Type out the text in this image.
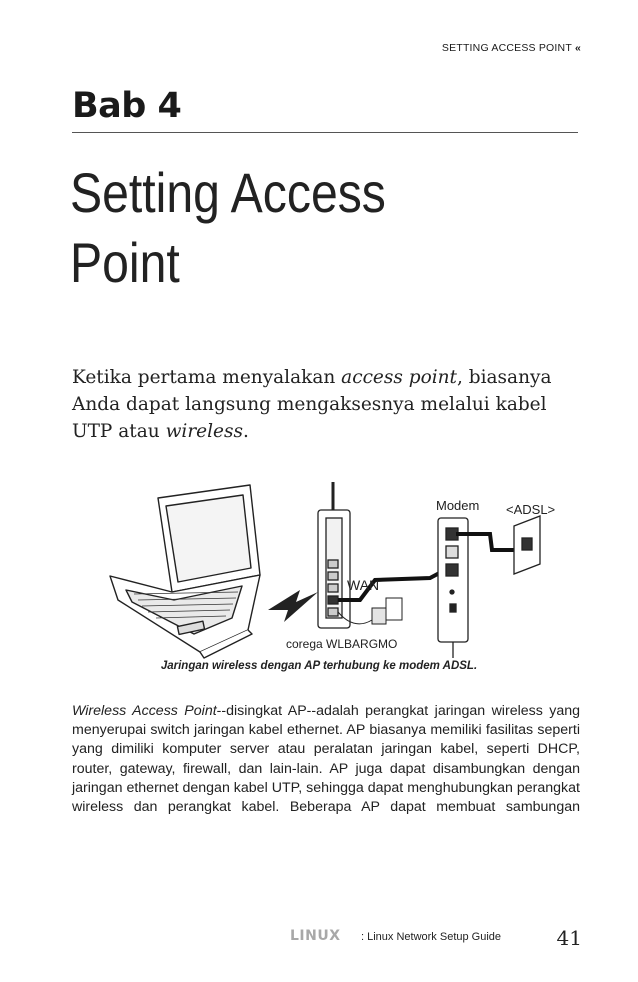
SETTING ACCESS POINT «
Bab 4
Setting Access
Point
Ketika pertama menyalakan access point, biasanya Anda dapat langsung mengaksesnya melalui kabel UTP atau wireless.
WAN
Modem <ADSL>
corega WLBARGMO
Jaringan wireless dengan AP terhubung ke modem ADSL.
Wireless Access Point--disingkat AP--adalah perangkat jaringan wireless yang menyerupai switch jaringan kabel ethernet. AP biasanya memiliki fasilitas seperti yang dimiliki komputer server atau peralatan jaringan kabel, seperti DHCP, router, gateway, firewall, dan lain-lain. AP juga dapat disambungkan dengan jaringan ethernet dengan kabel UTP, sehingga dapat menghubungkan perangkat wireless dan perangkat kabel. Beberapa AP dapat membuat sambungan
LINUX : Linux Network Setup Guide	41
